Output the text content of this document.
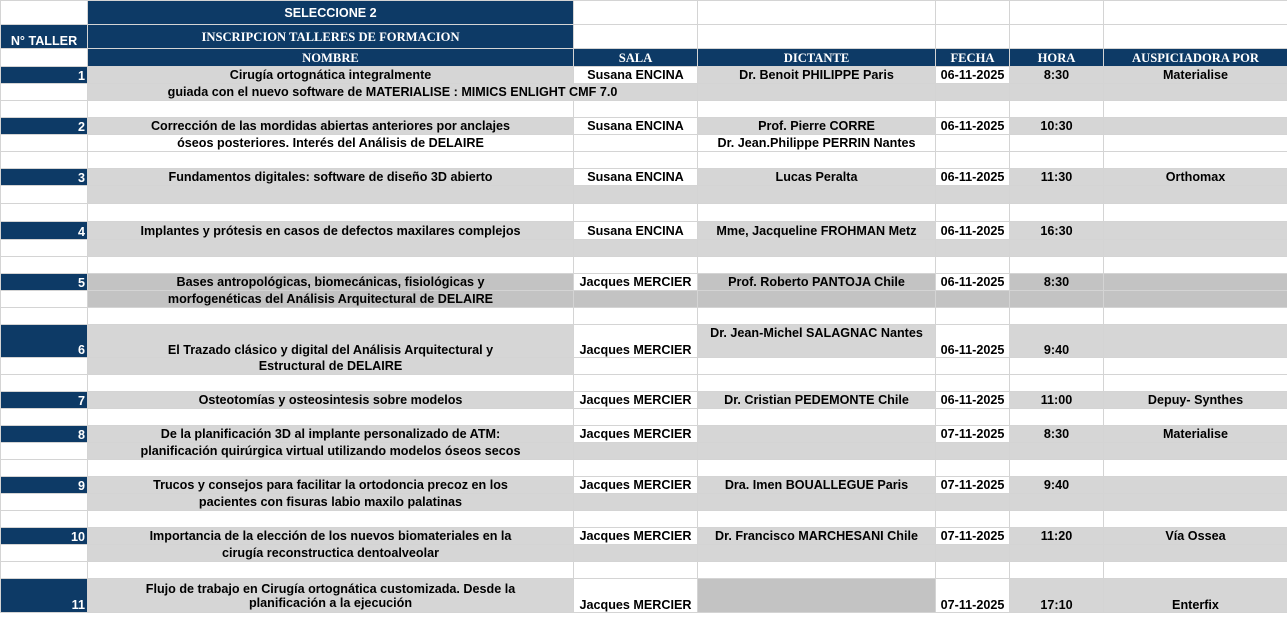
	SELECCIONE 2					
N° TALLER	INSCRIPCION TALLERES DE FORMACION					
	NOMBRE	SALA	DICTANTE	FECHA	HORA	AUSPICIADORA POR
1	Cirugía ortognática integralmente	Susana ENCINA	Dr. Benoit PHILIPPE Paris	06-11-2025	8:30	Materialise
	guiada con el nuevo software de MATERIALISE : MIMICS ENLIGHT CMF 7.0					

2	Corrección de las mordidas abiertas anteriores por anclajes	Susana ENCINA	Prof. Pierre CORRE	06-11-2025	10:30	
	óseos posteriores. Interés del Análisis de DELAIRE		Dr. Jean.Philippe PERRIN Nantes			

3	Fundamentos digitales: software de diseño 3D abierto	Susana ENCINA	Lucas Peralta	06-11-2025	11:30	Orthomax

4	Implantes y prótesis en casos de defectos maxilares complejos	Susana ENCINA	Mme, Jacqueline FROHMAN Metz	06-11-2025	16:30	

5	Bases antropológicas, biomecánicas, fisiológicas y	Jacques MERCIER	Prof. Roberto PANTOJA Chile	06-11-2025	8:30	
	morfogenéticas del Análisis Arquitectural de DELAIRE					

6	El Trazado clásico y digital del Análisis Arquitectural y	Jacques MERCIER	Dr. Jean-Michel SALAGNAC Nantes	06-11-2025	9:40	
	Estructural de DELAIRE					

7	Osteotomías y osteosintesis sobre modelos	Jacques MERCIER	Dr. Cristian PEDEMONTE Chile	06-11-2025	11:00	Depuy- Synthes

8	De la planificación 3D al implante personalizado de ATM:	Jacques MERCIER		07-11-2025	8:30	Materialise
	planificación quirúrgica virtual utilizando modelos óseos secos					

9	Trucos y consejos para facilitar la ortodoncia precoz en los	Jacques MERCIER	Dra. Imen BOUALLEGUE Paris	07-11-2025	9:40	
	pacientes con fisuras labio maxilo palatinas					

10	Importancia de la elección de los nuevos biomateriales en la	Jacques MERCIER	Dr. Francisco MARCHESANI Chile	07-11-2025	11:20	Vía Ossea
	cirugía reconstructica dentoalveolar					

11	Flujo de trabajo en Cirugía ortognática customizada. Desde la
planificación a la ejecución	Jacques MERCIER		07-11-2025	17:10	Enterfix
